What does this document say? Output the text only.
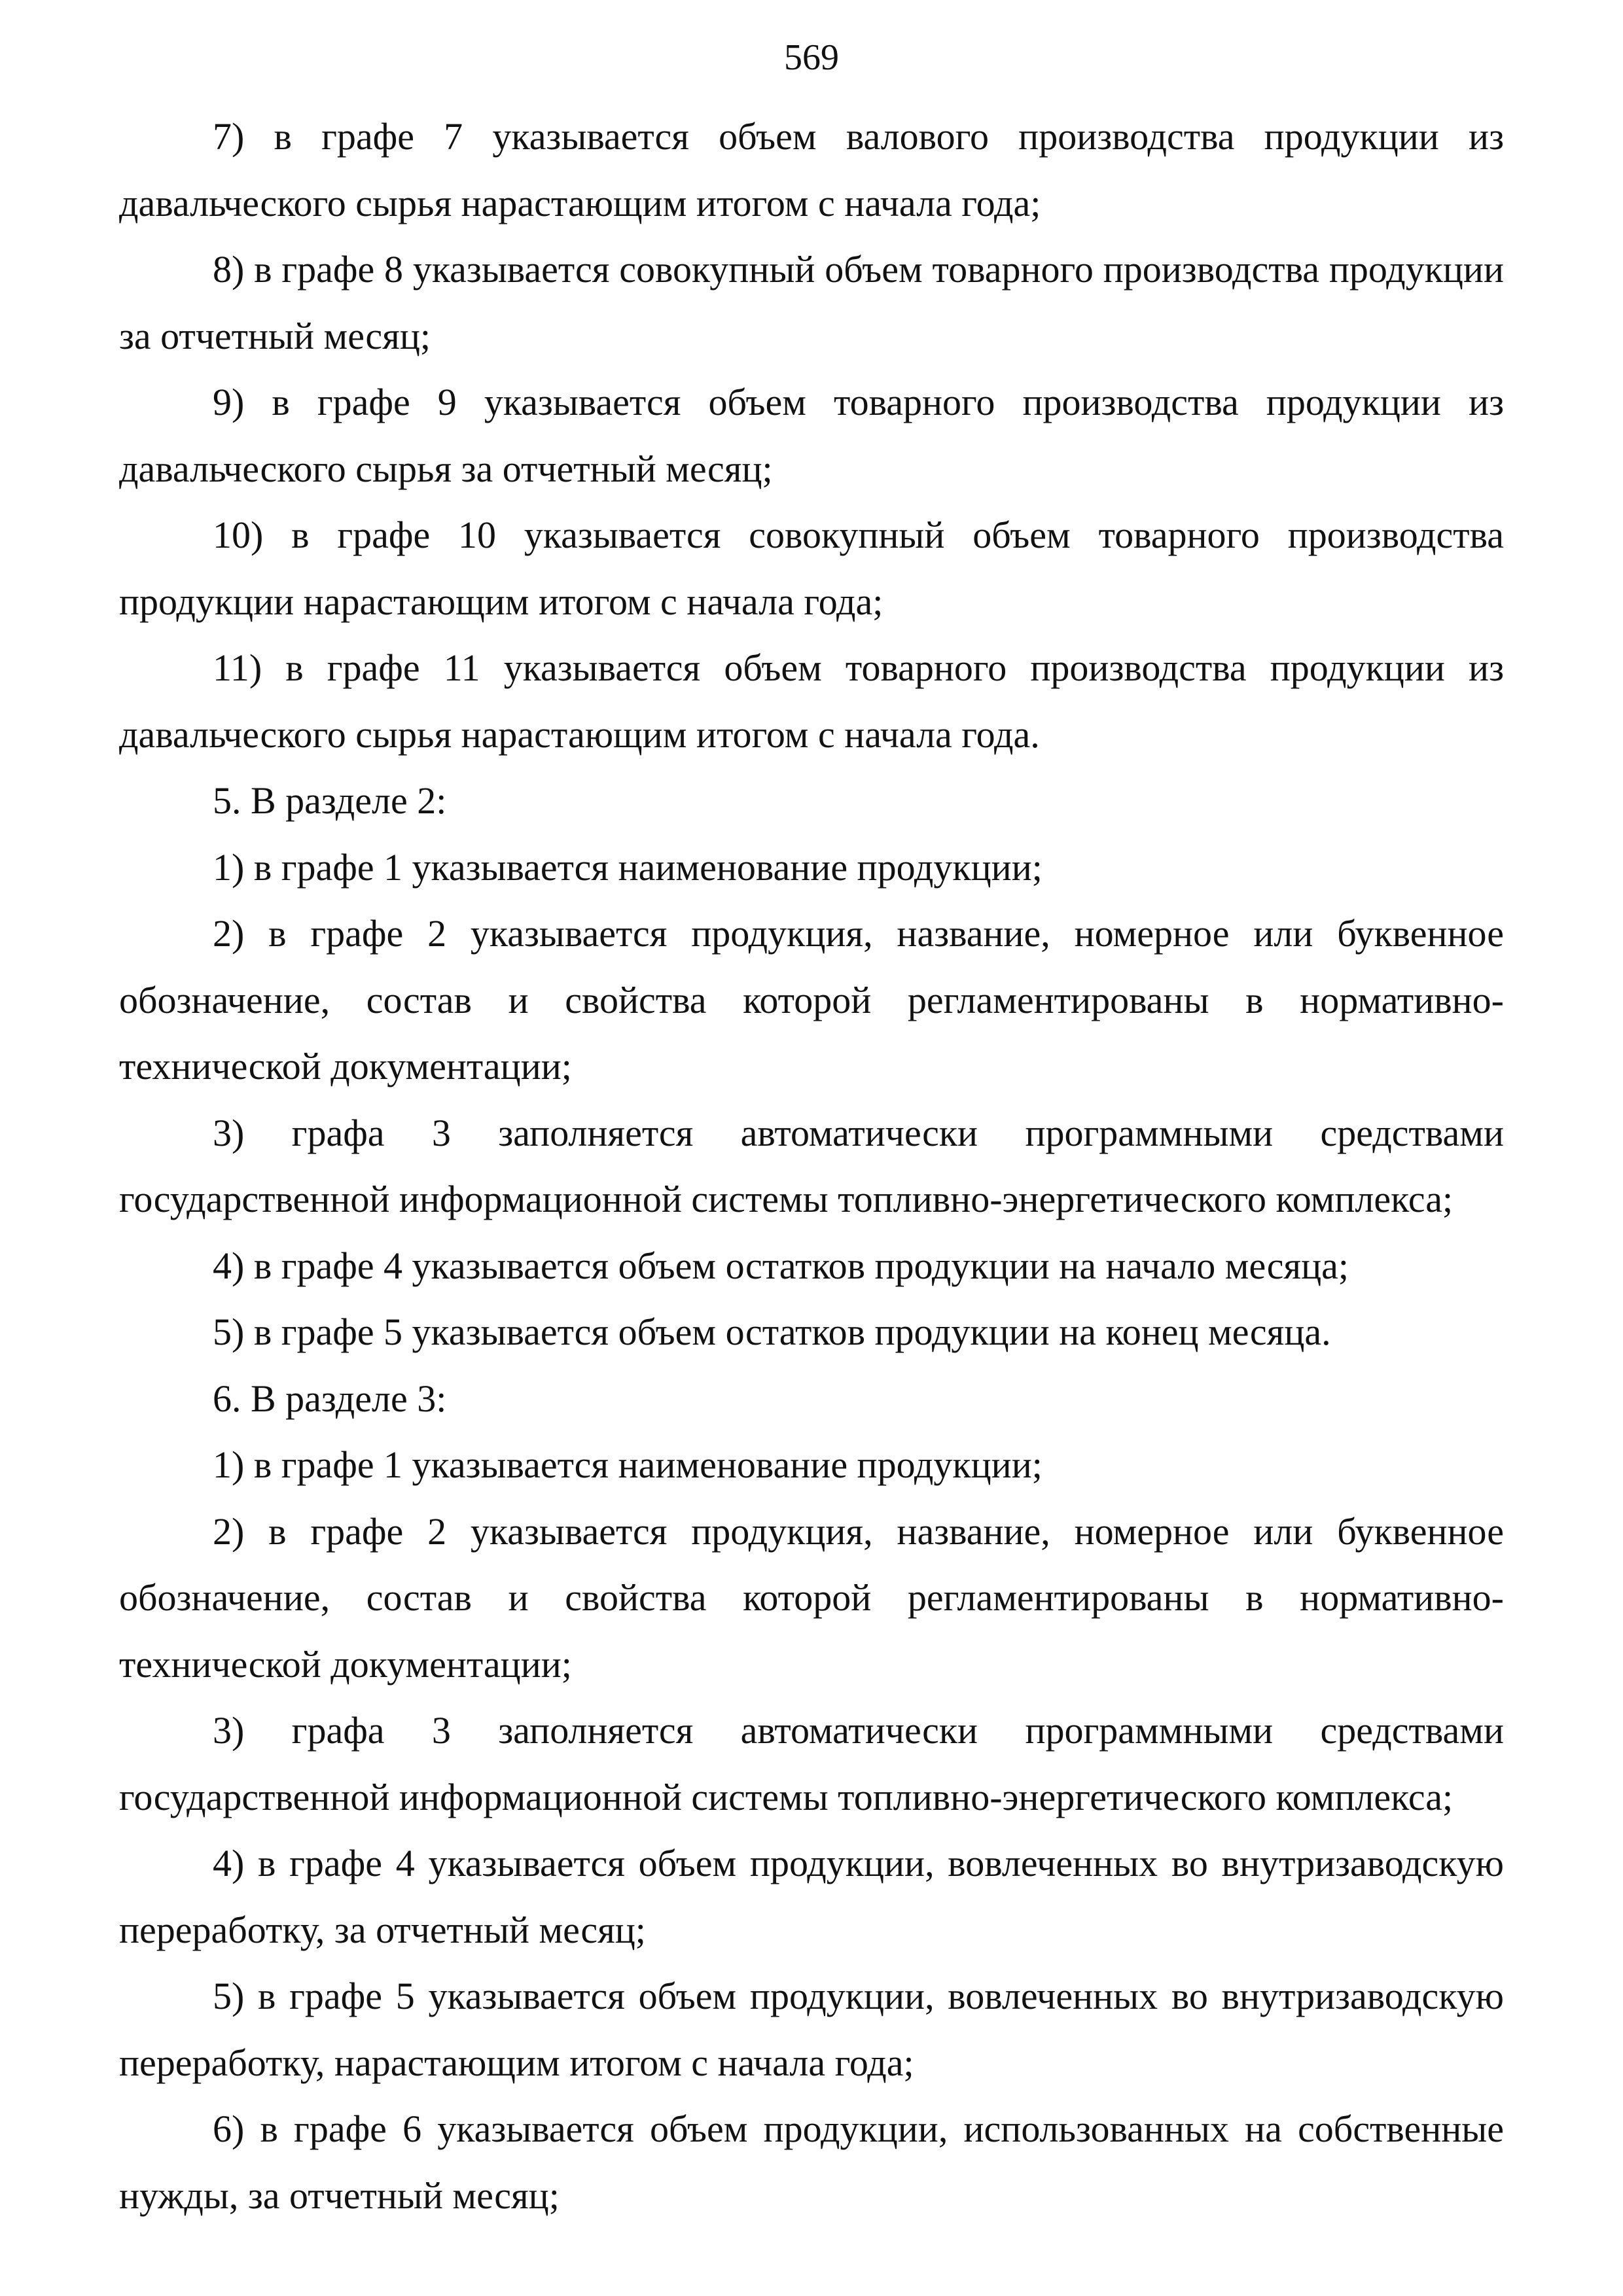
569

7) в графе 7 указывается объем валового производства продукции из давальческого сырья нарастающим итогом с начала года;

8) в графе 8 указывается совокупный объем товарного производства продукции за отчетный месяц;

9) в графе 9 указывается объем товарного производства продукции из давальческого сырья за отчетный месяц;

10) в графе 10 указывается совокупный объем товарного производства продукции нарастающим итогом с начала года;

11) в графе 11 указывается объем товарного производства продукции из давальческого сырья нарастающим итогом с начала года.

5. В разделе 2:

1) в графе 1 указывается наименование продукции;

2) в графе 2 указывается продукция, название, номерное или буквенное обозначение, состав и свойства которой регламентированы в нормативно-технической документации;

3) графа 3 заполняется автоматически программными средствами государственной информационной системы топливно-энергетического комплекса;

4) в графе 4 указывается объем остатков продукции на начало месяца;

5) в графе 5 указывается объем остатков продукции на конец месяца.

6. В разделе 3:

1) в графе 1 указывается наименование продукции;

2) в графе 2 указывается продукция, название, номерное или буквенное обозначение, состав и свойства которой регламентированы в нормативно-технической документации;

3) графа 3 заполняется автоматически программными средствами государственной информационной системы топливно-энергетического комплекса;

4) в графе 4 указывается объем продукции, вовлеченных во внутризаводскую переработку, за отчетный месяц;

5) в графе 5 указывается объем продукции, вовлеченных во внутризаводскую переработку, нарастающим итогом с начала года;

6) в графе 6 указывается объем продукции, использованных на собственные нужды, за отчетный месяц;
